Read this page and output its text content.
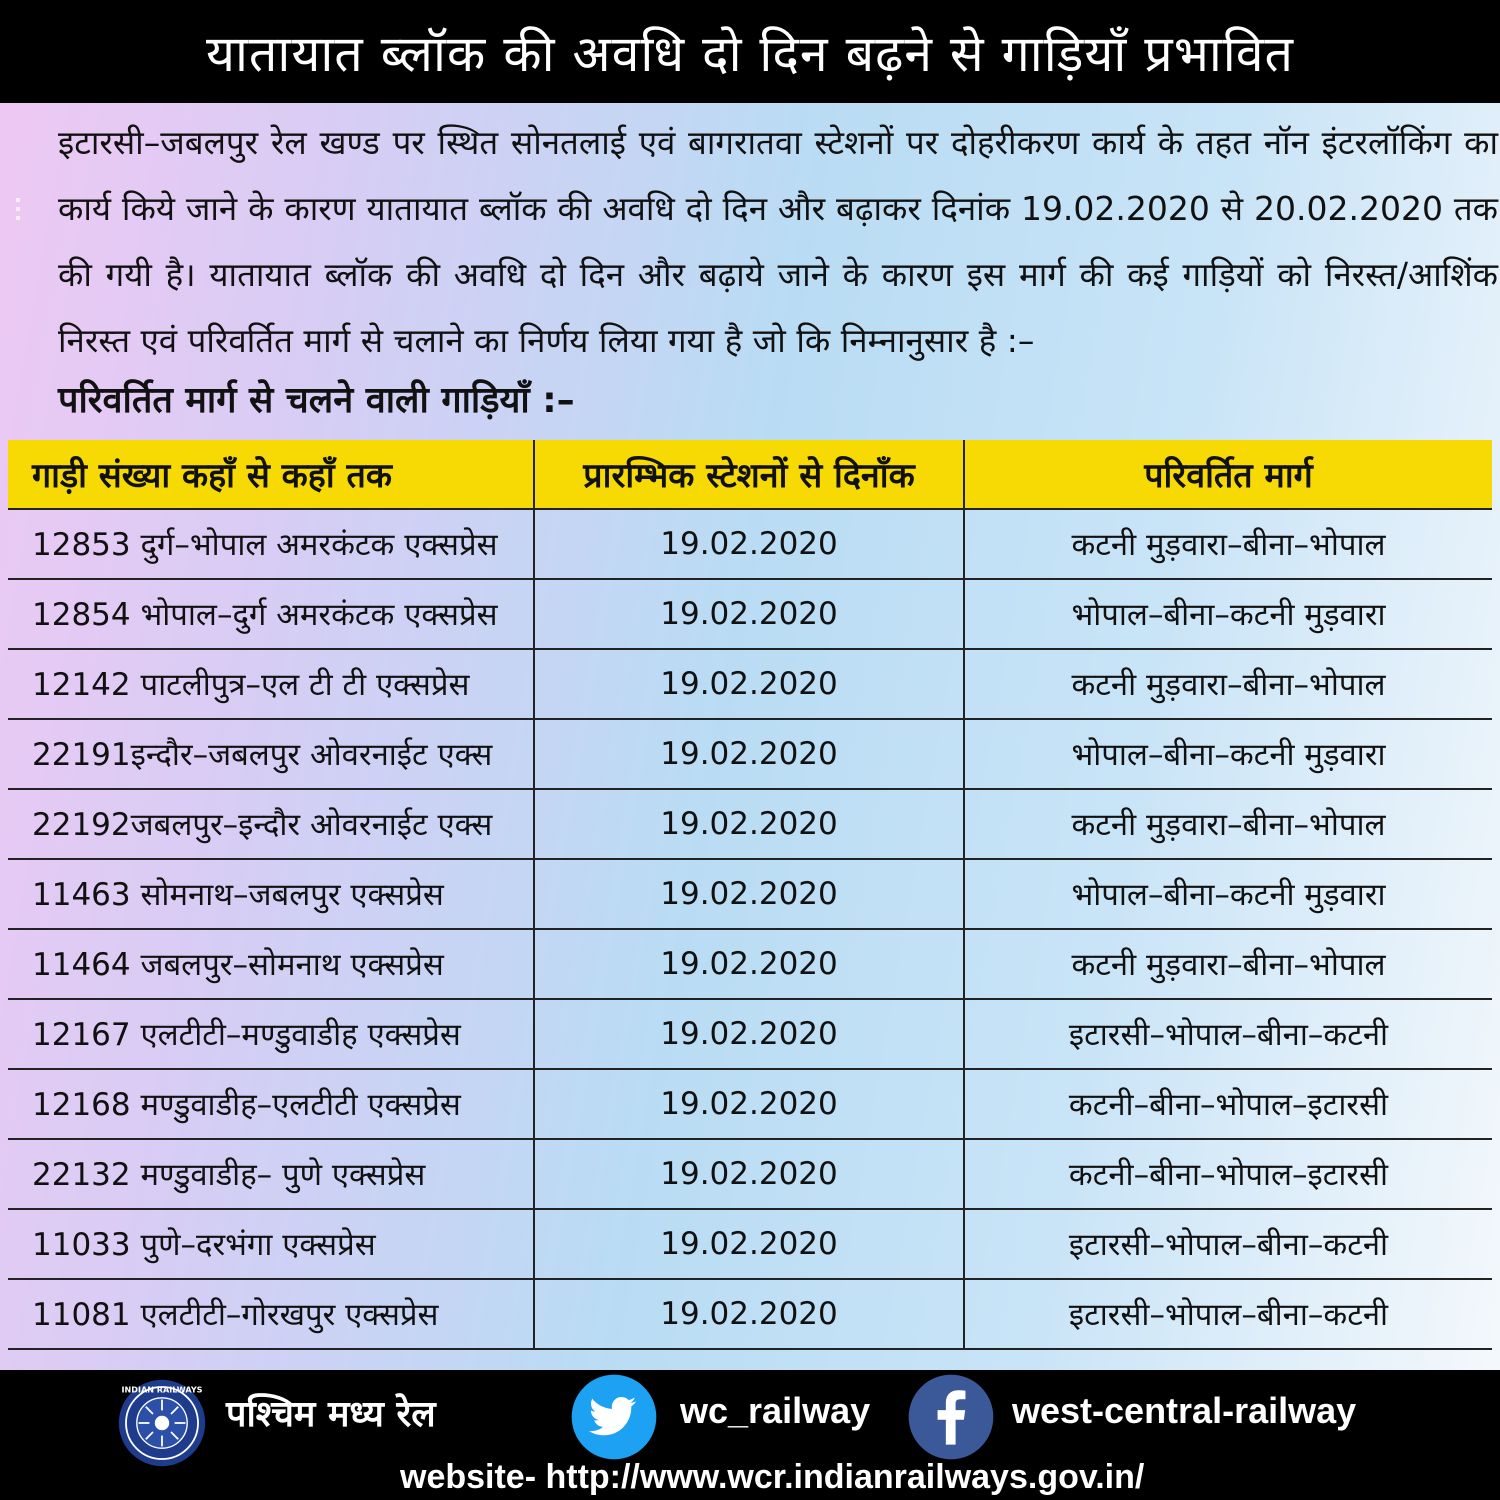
यातायात ब्लॉक की अवधि दो दिन बढ़ने से गाड़ियाँ प्रभावित
इटारसी–जबलपुर रेल खण्ड पर स्थित सोनतलाई एवं बागरातवा स्टेशनों पर दोहरीकरण कार्य के तहत नॉन इंटरलॉकिंग का कार्य किये जाने के कारण यातायात ब्लॉक की अवधि दो दिन और बढ़ाकर दिनांक 19.02.2020 से 20.02.2020 तक की गयी है। यातायात ब्लॉक की अवधि दो दिन और बढ़ाये जाने के कारण इस मार्ग की कई गाड़ियों को निरस्त/आशिंक निरस्त एवं परिवर्तित मार्ग से चलाने का निर्णय लिया गया है जो कि निम्नानुसार है :–
परिवर्तित मार्ग से चलने वाली गाड़ियाँ :–
गाड़ी संख्या कहाँ से कहाँ तक	प्रारम्भिक स्टेशनों से दिनाँक	परिवर्तित मार्ग
12853 दुर्ग–भोपाल अमरकंटक एक्सप्रेस	19.02.2020	कटनी मुड़वारा–बीना–भोपाल
12854 भोपाल–दुर्ग अमरकंटक एक्सप्रेस	19.02.2020	भोपाल–बीना–कटनी मुड़वारा
12142 पाटलीपुत्र–एल टी टी एक्सप्रेस	19.02.2020	कटनी मुड़वारा–बीना–भोपाल
22191इन्दौर–जबलपुर ओवरनाईट एक्स	19.02.2020	भोपाल–बीना–कटनी मुड़वारा
22192जबलपुर–इन्दौर ओवरनाईट एक्स	19.02.2020	कटनी मुड़वारा–बीना–भोपाल
11463 सोमनाथ–जबलपुर एक्सप्रेस	19.02.2020	भोपाल–बीना–कटनी मुड़वारा
11464 जबलपुर–सोमनाथ एक्सप्रेस	19.02.2020	कटनी मुड़वारा–बीना–भोपाल
12167 एलटीटी–मण्डुवाडीह एक्सप्रेस	19.02.2020	इटारसी–भोपाल–बीना–कटनी
12168 मण्डुवाडीह–एलटीटी एक्सप्रेस	19.02.2020	कटनी–बीना–भोपाल–इटारसी
22132 मण्डुवाडीह– पुणे एक्सप्रेस	19.02.2020	कटनी–बीना–भोपाल–इटारसी
11033 पुणे–दरभंगा एक्सप्रेस	19.02.2020	इटारसी–भोपाल–बीना–कटनी
11081 एलटीटी–गोरखपुर एक्सप्रेस	19.02.2020	इटारसी–भोपाल–बीना–कटनी
INDIAN RAILWAYS
पश्चिम मध्य रेल	wc_railway	west-central-railway
website- http://www.wcr.indianrailways.gov.in/
